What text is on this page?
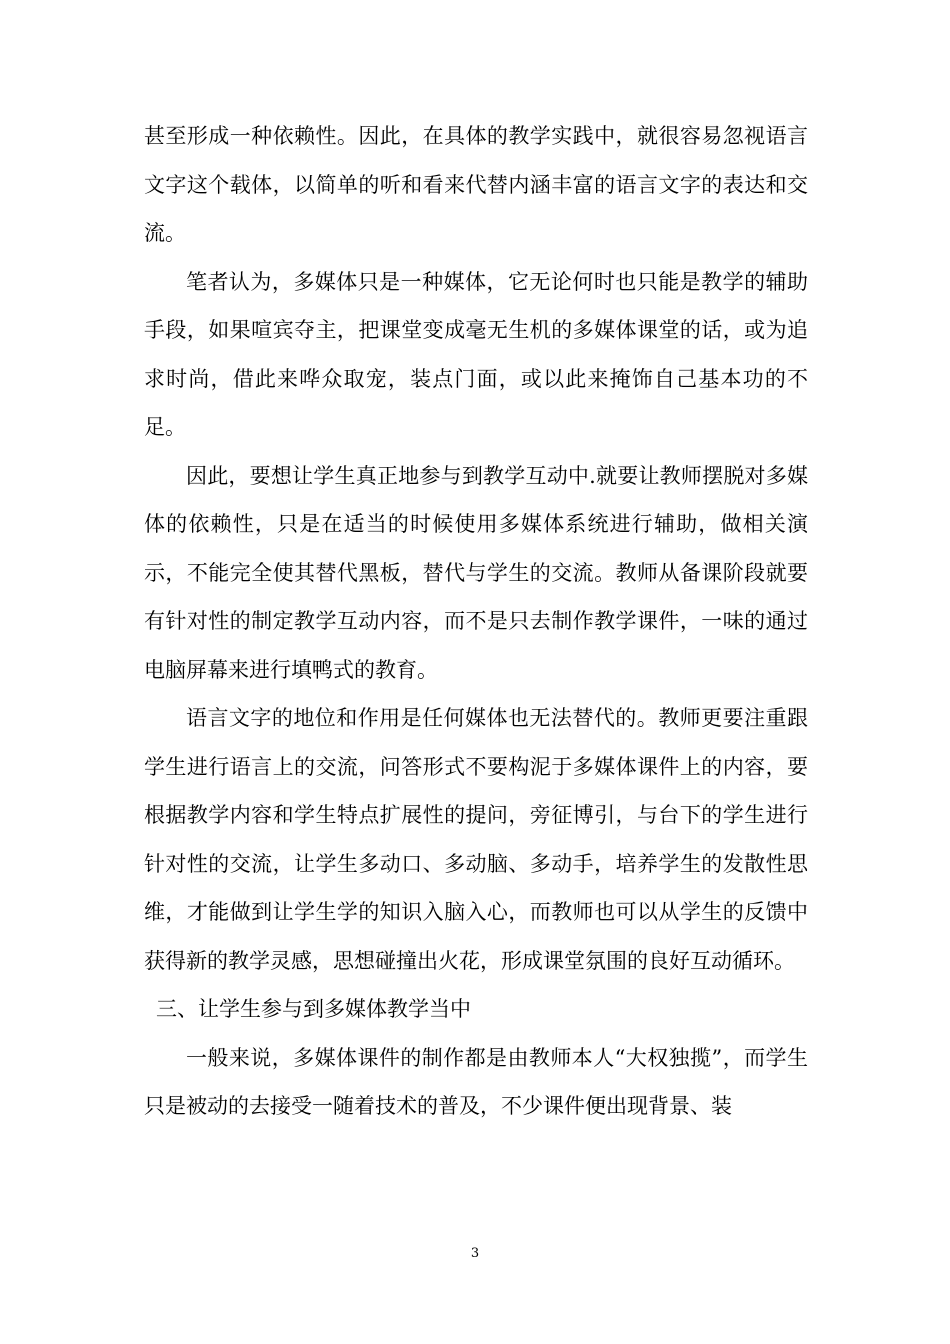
甚至形成一种依赖性。因此，在具体的教学实践中，就很容易忽视语言文字这个载体，以简单的听和看来代替内涵丰富的语言文字的表达和交流。

笔者认为，多媒体只是一种媒体，它无论何时也只能是教学的辅助手段，如果喧宾夺主，把课堂变成毫无生机的多媒体课堂的话，或为追求时尚，借此来哗众取宠，装点门面，或以此来掩饰自己基本功的不足。

因此，要想让学生真正地参与到教学互动中.就要让教师摆脱对多媒体的依赖性，只是在适当的时候使用多媒体系统进行辅助，做相关演示，不能完全使其替代黑板，替代与学生的交流。教师从备课阶段就要有针对性的制定教学互动内容，而不是只去制作教学课件，一味的通过电脑屏幕来进行填鸭式的教育。

语言文字的地位和作用是任何媒体也无法替代的。教师更要注重跟学生进行语言上的交流，问答形式不要构泥于多媒体课件上的内容，要根据教学内容和学生特点扩展性的提问，旁征博引，与台下的学生进行针对性的交流，让学生多动口、多动脑、多动手，培养学生的发散性思维，才能做到让学生学的知识入脑入心，而教师也可以从学生的反馈中获得新的教学灵感，思想碰撞出火花，形成课堂氛围的良好互动循环。

三、让学生参与到多媒体教学当中

一般来说，多媒体课件的制作都是由教师本人“大权独揽”，而学生只是被动的去接受一随着技术的普及，不少课件便出现背景、装

3
